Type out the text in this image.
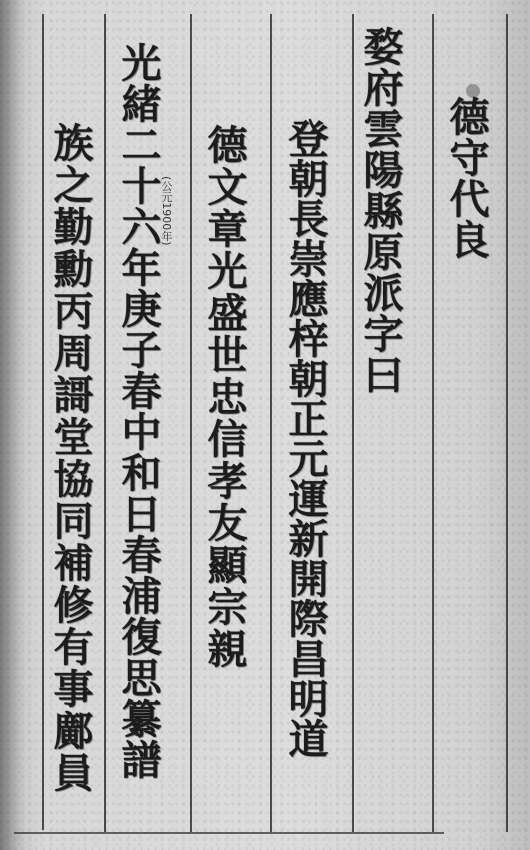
德守代良
婺府雲陽縣原派字曰
登朝長崇應梓朝正元運新開際昌明道
德文章光盛世忠信孝友顯宗親
光緒二十六年庚子春中和日春浦復思纂譜
(公元1900年)
族之勤勳丙周謌堂協同補修有事鄺員
